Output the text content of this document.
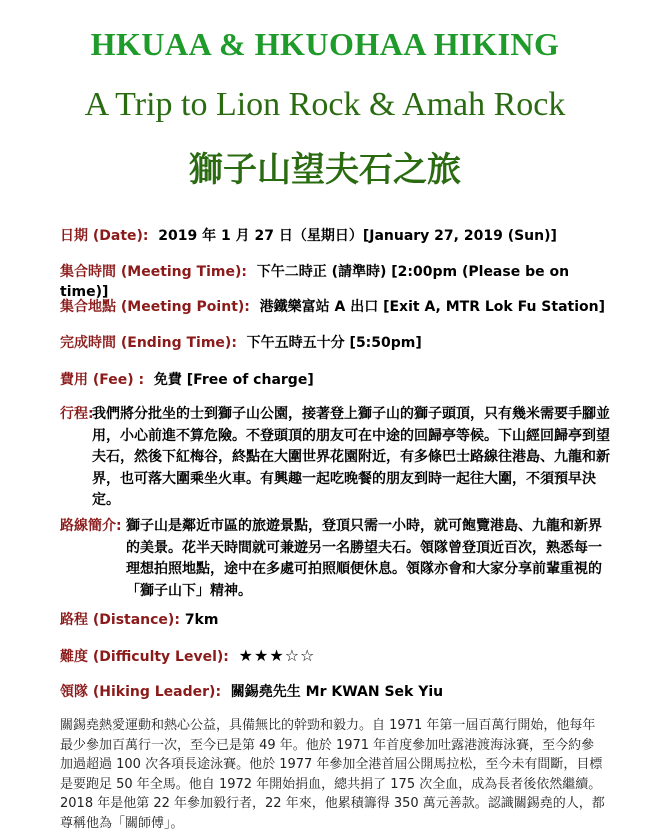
HKUAA & HKUOHAA HIKING
A Trip to Lion Rock & Amah Rock
獅子山望夫石之旅
日期 (Date): 2019 年 1 月 27 日（星期日）[January 27, 2019 (Sun)]
集合時間 (Meeting Time): 下午二時正 (請準時) [2:00pm (Please be on time)]
集合地點 (Meeting Point): 港鐵樂富站 A 出口 [Exit A, MTR Lok Fu Station]
完成時間 (Ending Time): 下午五時五十分 [5:50pm]
費用 (Fee) : 免費 [Free of charge]
行程:
我們將分批坐的士到獅子山公園，接著登上獅子山的獅子頭頂，只有幾米需要手腳並用，小心前進不算危險。不登頭頂的朋友可在中途的回歸亭等候。下山經回歸亭到望夫石，然後下紅梅谷，終點在大圍世界花園附近，有多條巴士路線往港島、九龍和新界，也可落大圍乘坐火車。有興趣一起吃晚餐的朋友到時一起往大圍，不須預早決定。
路線簡介: 獅子山是鄰近市區的旅遊景點，登頂只需一小時，就可飽覽港島、九龍和新界的美景。花半天時間就可兼遊另一名勝望夫石。領隊曾登頂近百次，熟悉每一理想拍照地點，途中在多處可拍照順便休息。領隊亦會和大家分享前輩重視的「獅子山下」精神。
路程 (Distance): 7km
難度 (Difficulty Level): ★★★☆☆
領隊 (Hiking Leader): 關錫堯先生 Mr KWAN Sek Yiu
關錫堯熱愛運動和熱心公益，具備無比的幹勁和毅力。自 1971 年第一屆百萬行開始，他每年最少參加百萬行一次，至今已是第 49 年。他於 1971 年首度參加吐露港渡海泳賽，至今約參加過超過 100 次各項長途泳賽。他於 1977 年參加全港首屆公開馬拉松，至今未有間斷，目標是要跑足 50 年全馬。他自 1972 年開始捐血，總共捐了 175 次全血，成為長者後依然繼續。2018 年是他第 22 年參加毅行者，22 年來，他累積籌得 350 萬元善款。認識關錫堯的人，都尊稱他為「關師傅」。
